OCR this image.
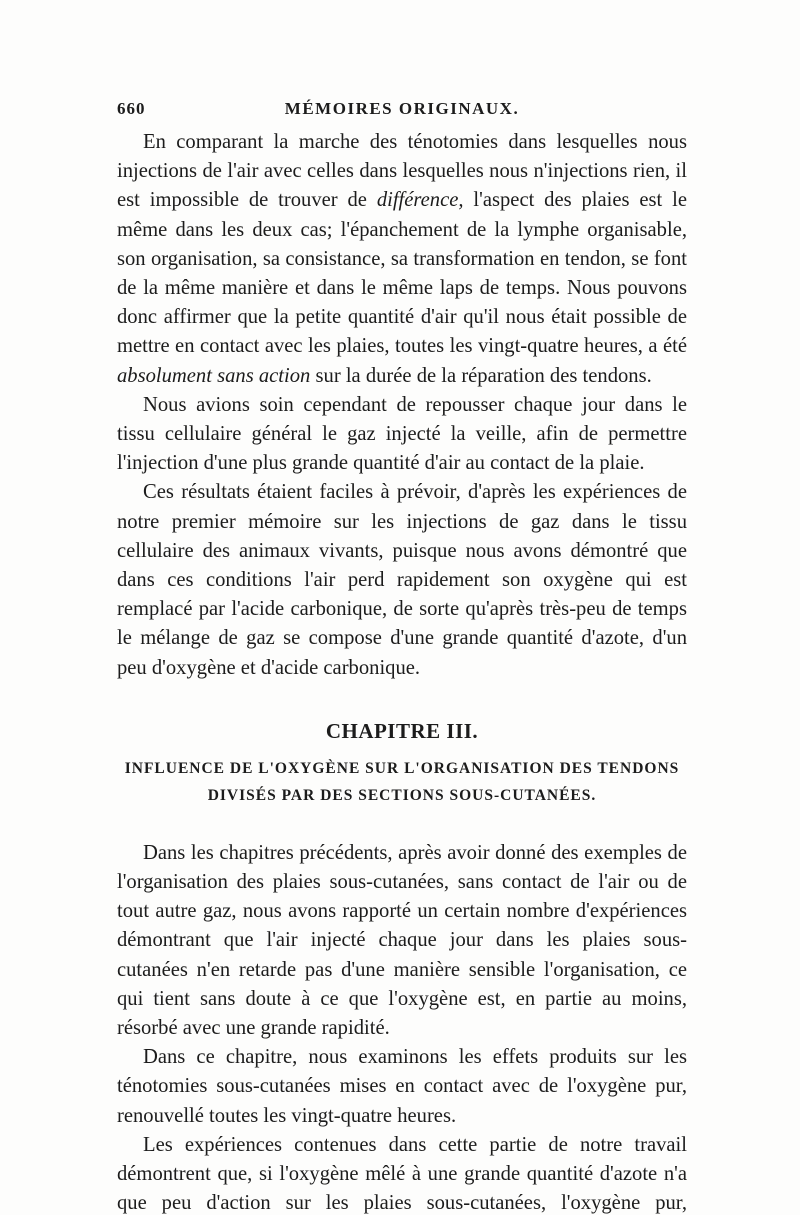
660	MÉMOIRES ORIGINAUX.

En comparant la marche des ténotomies dans lesquelles nous injections de l'air avec celles dans lesquelles nous n'injections rien, il est impossible de trouver de différence, l'aspect des plaies est le même dans les deux cas; l'épanchement de la lymphe organisable, son organisation, sa consistance, sa transformation en tendon, se font de la même manière et dans le même laps de temps. Nous pouvons donc affirmer que la petite quantité d'air qu'il nous était possible de mettre en contact avec les plaies, toutes les vingt-quatre heures, a été absolument sans action sur la durée de la réparation des tendons.

Nous avions soin cependant de repousser chaque jour dans le tissu cellulaire général le gaz injecté la veille, afin de permettre l'injection d'une plus grande quantité d'air au contact de la plaie.

Ces résultats étaient faciles à prévoir, d'après les expériences de notre premier mémoire sur les injections de gaz dans le tissu cellulaire des animaux vivants, puisque nous avons démontré que dans ces conditions l'air perd rapidement son oxygène qui est remplacé par l'acide carbonique, de sorte qu'après très-peu de temps le mélange de gaz se compose d'une grande quantité d'azote, d'un peu d'oxygène et d'acide carbonique.

CHAPITRE III.
INFLUENCE DE L'OXYGÈNE SUR L'ORGANISATION DES TENDONS
DIVISÉS PAR DES SECTIONS SOUS-CUTANÉES.

Dans les chapitres précédents, après avoir donné des exemples de l'organisation des plaies sous-cutanées, sans contact de l'air ou de tout autre gaz, nous avons rapporté un certain nombre d'expériences démontrant que l'air injecté chaque jour dans les plaies sous-cutanées n'en retarde pas d'une manière sensible l'organisation, ce qui tient sans doute à ce que l'oxygène est, en partie au moins, résorbé avec une grande rapidité.

Dans ce chapitre, nous examinons les effets produits sur les ténotomies sous-cutanées mises en contact avec de l'oxygène pur, renouvellé toutes les vingt-quatre heures.

Les expériences contenues dans cette partie de notre travail démontrent que, si l'oxygène mêlé à une grande quantité d'azote n'a que peu d'action sur les plaies sous-cutanées, l'oxygène pur,
